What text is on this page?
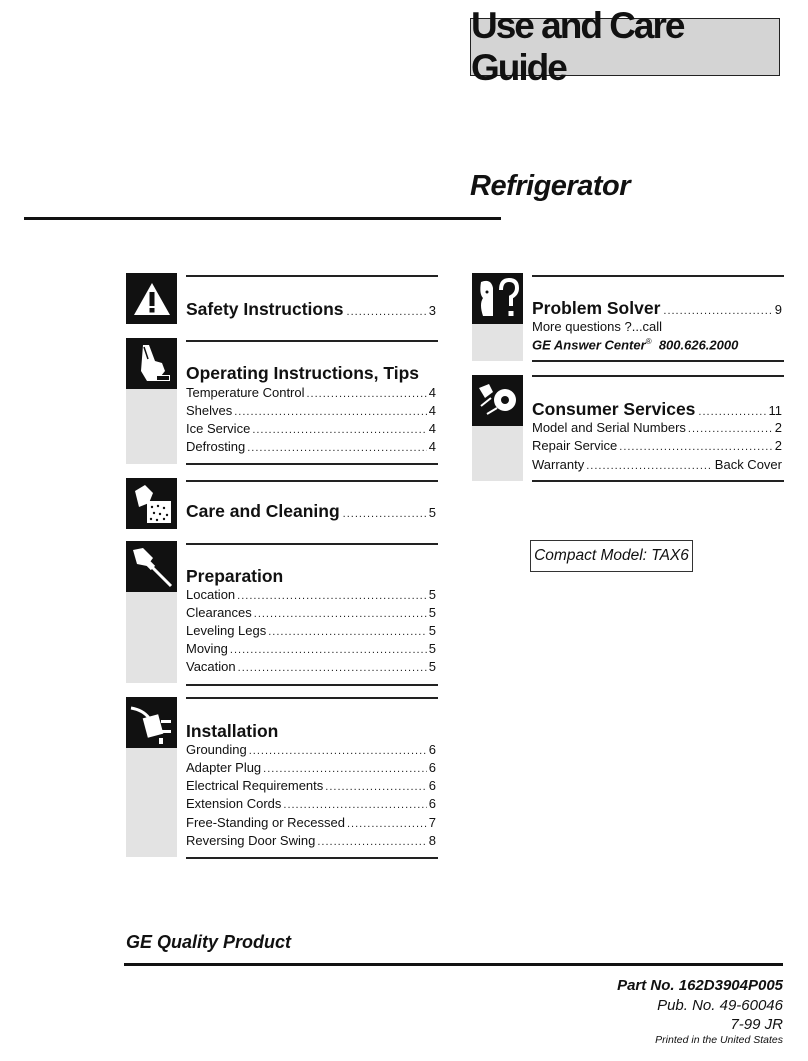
Use and Care Guide
Refrigerator
Safety Instructions .....	3
Operating Instructions, Tips
Temperature Control .....	4
Shelves .....	4
Ice Service .....	4
Defrosting .....	4
Care and Cleaning .....	5
Preparation
Location .....	5
Clearances .....	5
Leveling Legs .....	5
Moving .....	5
Vacation .....	5
Installation
Grounding .....	6
Adapter Plug .....	6
Electrical Requirements .....	6
Extension Cords .....	6
Free-Standing or Recessed .....	7
Reversing Door Swing .....	8
Problem Solver .....	9
More questions ?...call
GE Answer Center® 800.626.2000
Consumer Services .....	11
Model and Serial Numbers .....	2
Repair Service .....	2
Warranty .....	Back Cover
Compact Model: TAX6
GE Quality Product
Part No. 162D3904P005
Pub. No. 49-60046
7-99 JR
Printed in the United States
